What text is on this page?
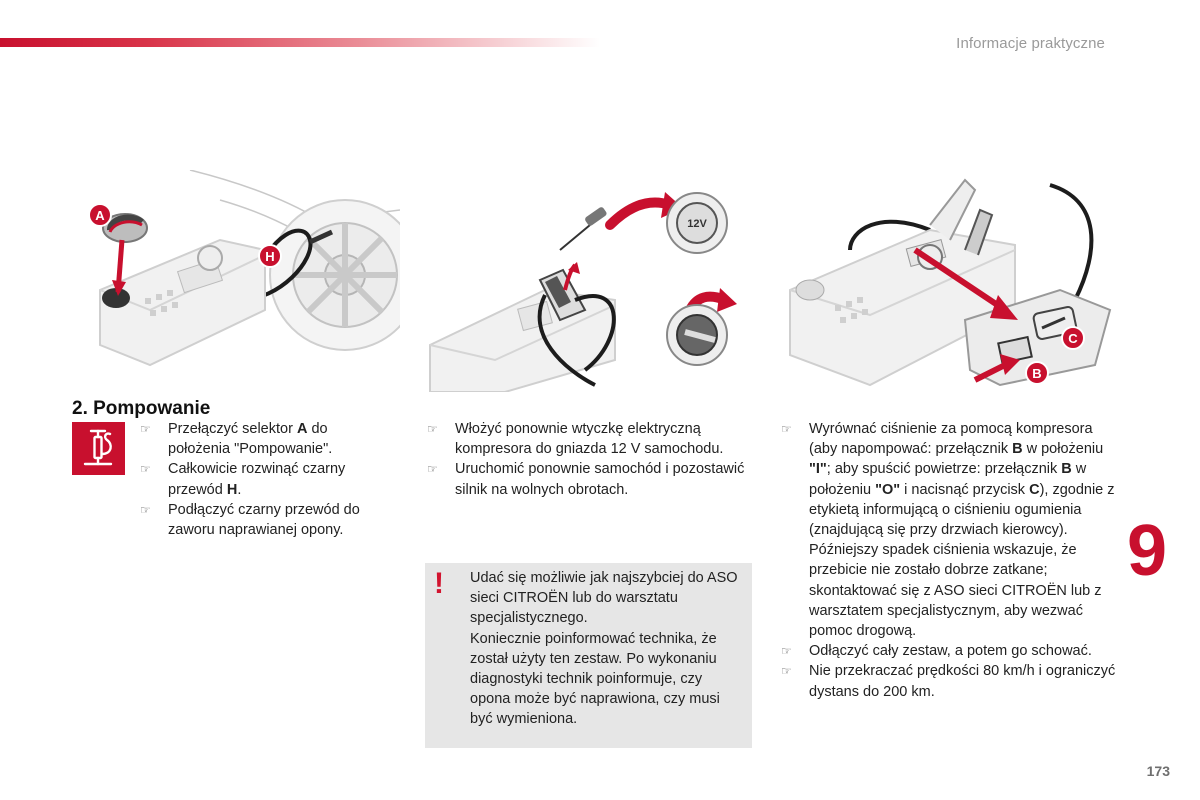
Informacje praktyczne
A
H
12V
C
B
2. Pompowanie
☞ Przełączyć selektor A do położenia "Pompowanie".
☞ Całkowicie rozwinąć czarny przewód H.
☞ Podłączyć czarny przewód do zaworu naprawianej opony.
☞ Włożyć ponownie wtyczkę elektryczną kompresora do gniazda 12 V samochodu.
☞ Uruchomić ponownie samochód i pozostawić silnik na wolnych obrotach.
! Udać się możliwie jak najszybciej do ASO sieci CITROËN lub do warsztatu specjalistycznego.
Koniecznie poinformować technika, że został użyty ten zestaw. Po wykonaniu diagnostyki technik poinformuje, czy opona może być naprawiona, czy musi być wymieniona.
☞ Wyrównać ciśnienie za pomocą kompresora (aby napompować: przełącznik B w położeniu "I"; aby spuścić powietrze: przełącznik B w położeniu "O" i nacisnąć przycisk C), zgodnie z etykietą informującą o ciśnieniu ogumienia (znajdującą się przy drzwiach kierowcy).
Późniejszy spadek ciśnienia wskazuje, że przebicie nie zostało dobrze zatkane; skontaktować się z ASO sieci CITROËN lub z warsztatem specjalistycznym, aby wezwać pomoc drogową.
☞ Odłączyć cały zestaw, a potem go schować.
☞ Nie przekraczać prędkości 80 km/h i ograniczyć dystans do 200 km.
9
173
